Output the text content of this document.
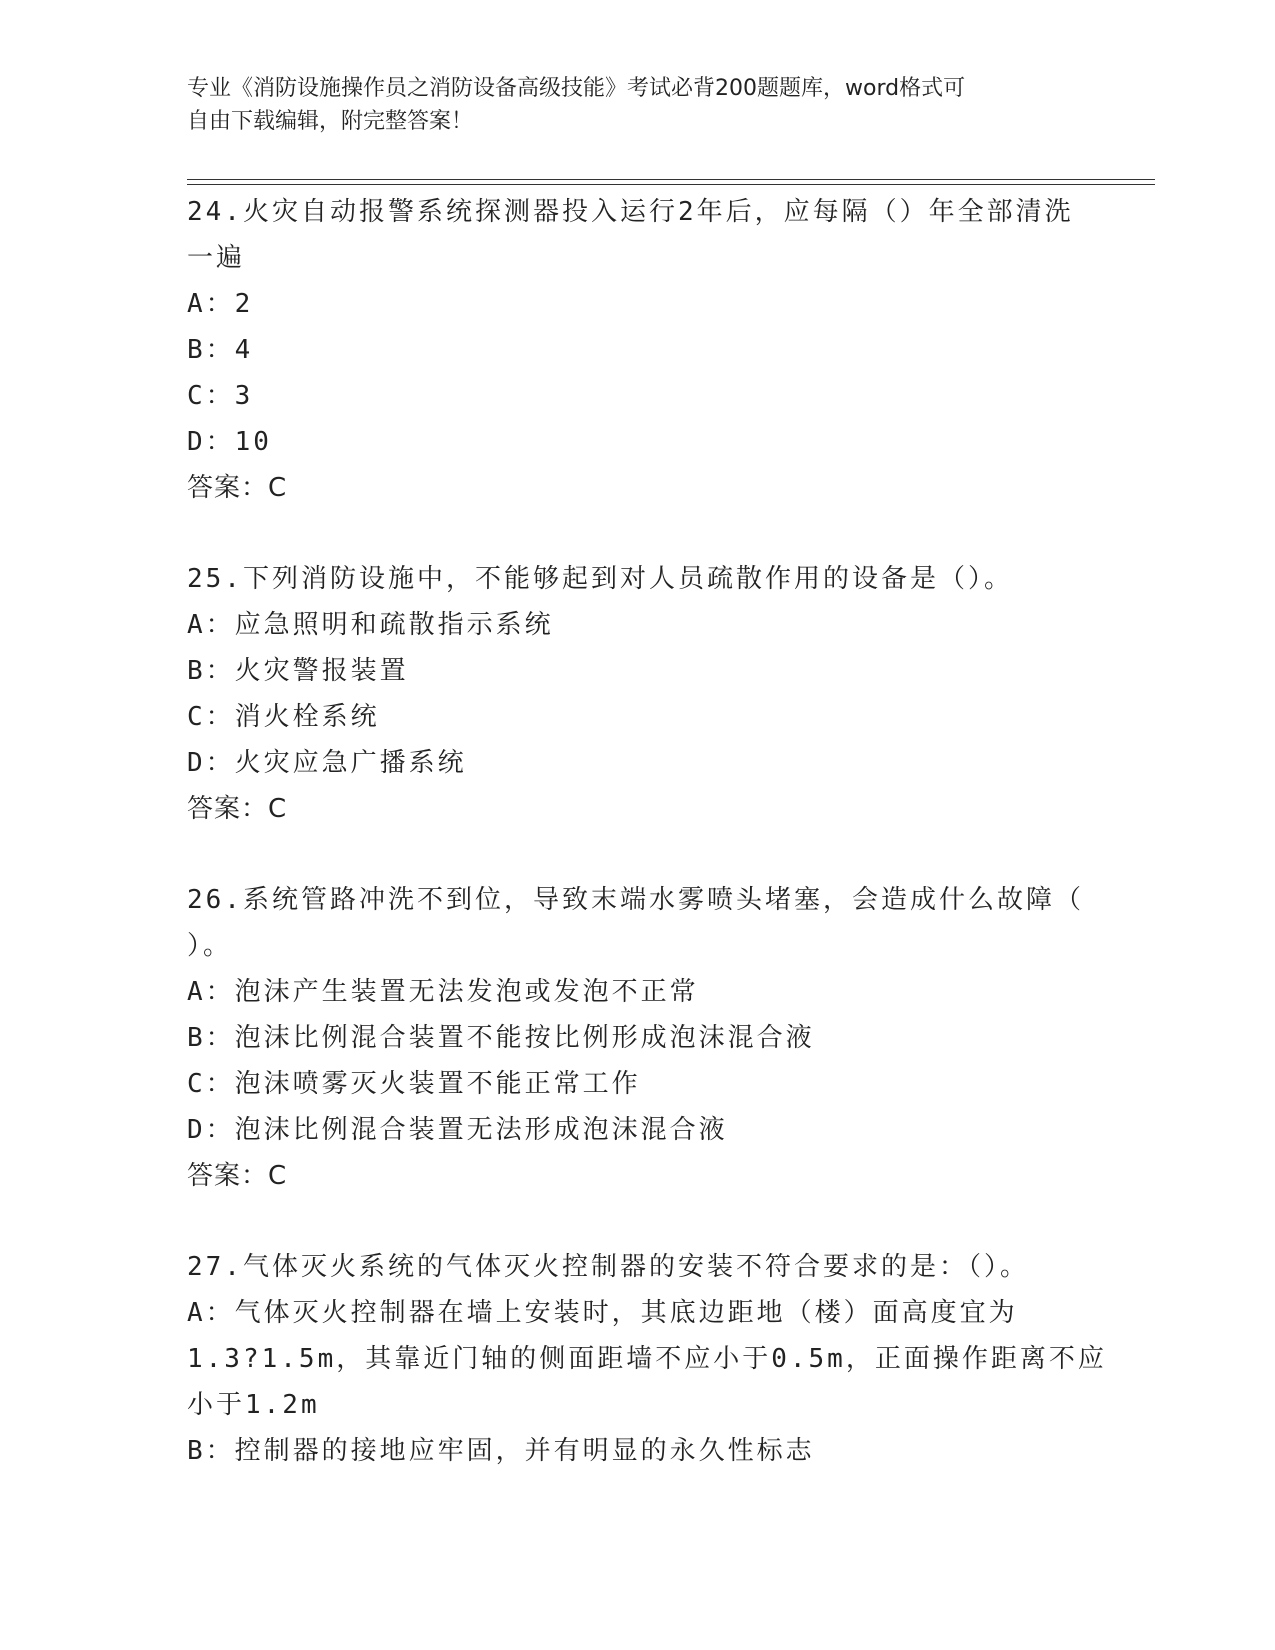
专业《消防设施操作员之消防设备高级技能》考试必背200题题库，word格式可
自由下载编辑，附完整答案！
24.火灾自动报警系统探测器投入运行2年后，应每隔（）年全部清洗
一遍
A：2
B：4
C：3
D：10
答案：C
25.下列消防设施中，不能够起到对人员疏散作用的设备是（）。
A：应急照明和疏散指示系统
B：火灾警报装置
C：消火栓系统
D：火灾应急广播系统
答案：C
26.系统管路冲洗不到位，导致末端水雾喷头堵塞，会造成什么故障（
）。
A：泡沫产生装置无法发泡或发泡不正常
B：泡沫比例混合装置不能按比例形成泡沫混合液
C：泡沫喷雾灭火装置不能正常工作
D：泡沫比例混合装置无法形成泡沫混合液
答案：C
27.气体灭火系统的气体灭火控制器的安装不符合要求的是：（）。
A：气体灭火控制器在墙上安装时，其底边距地（楼）面高度宜为
1.3?1.5m，其靠近门轴的侧面距墙不应小于0.5m，正面操作距离不应
小于1.2m
B：控制器的接地应牢固，并有明显的永久性标志
